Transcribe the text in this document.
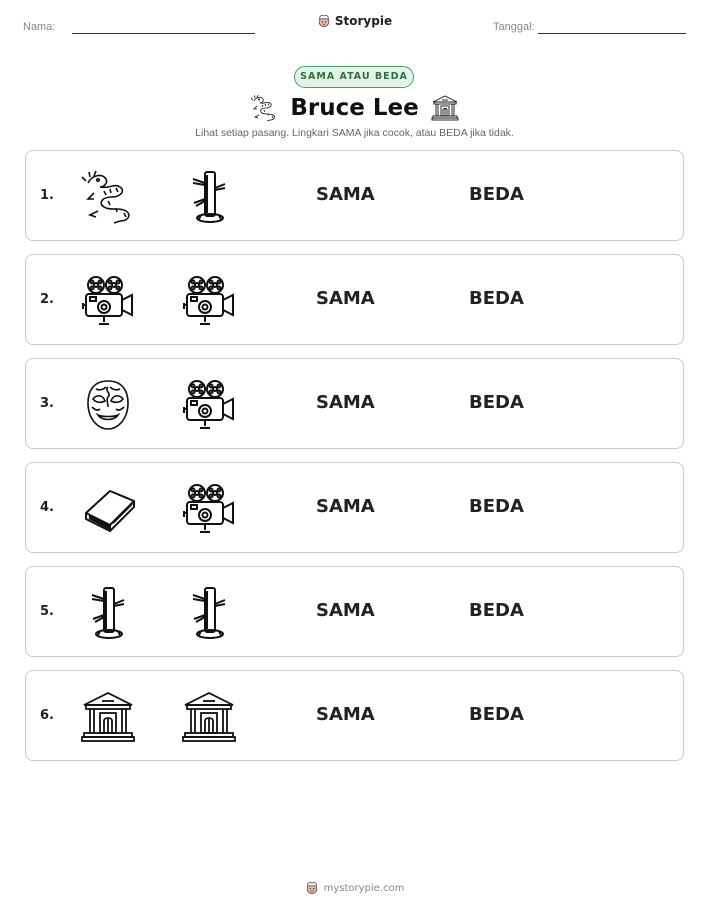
Nama:	Storypie	Tanggal:
SAMA ATAU BEDA
Bruce Lee
Lihat setiap pasang. Lingkari SAMA jika cocok, atau BEDA jika tidak.
1.	SAMA	BEDA
2.	SAMA	BEDA
3.	SAMA	BEDA
4.	SAMA	BEDA
5.	SAMA	BEDA
6.	SAMA	BEDA
mystorypie.com
